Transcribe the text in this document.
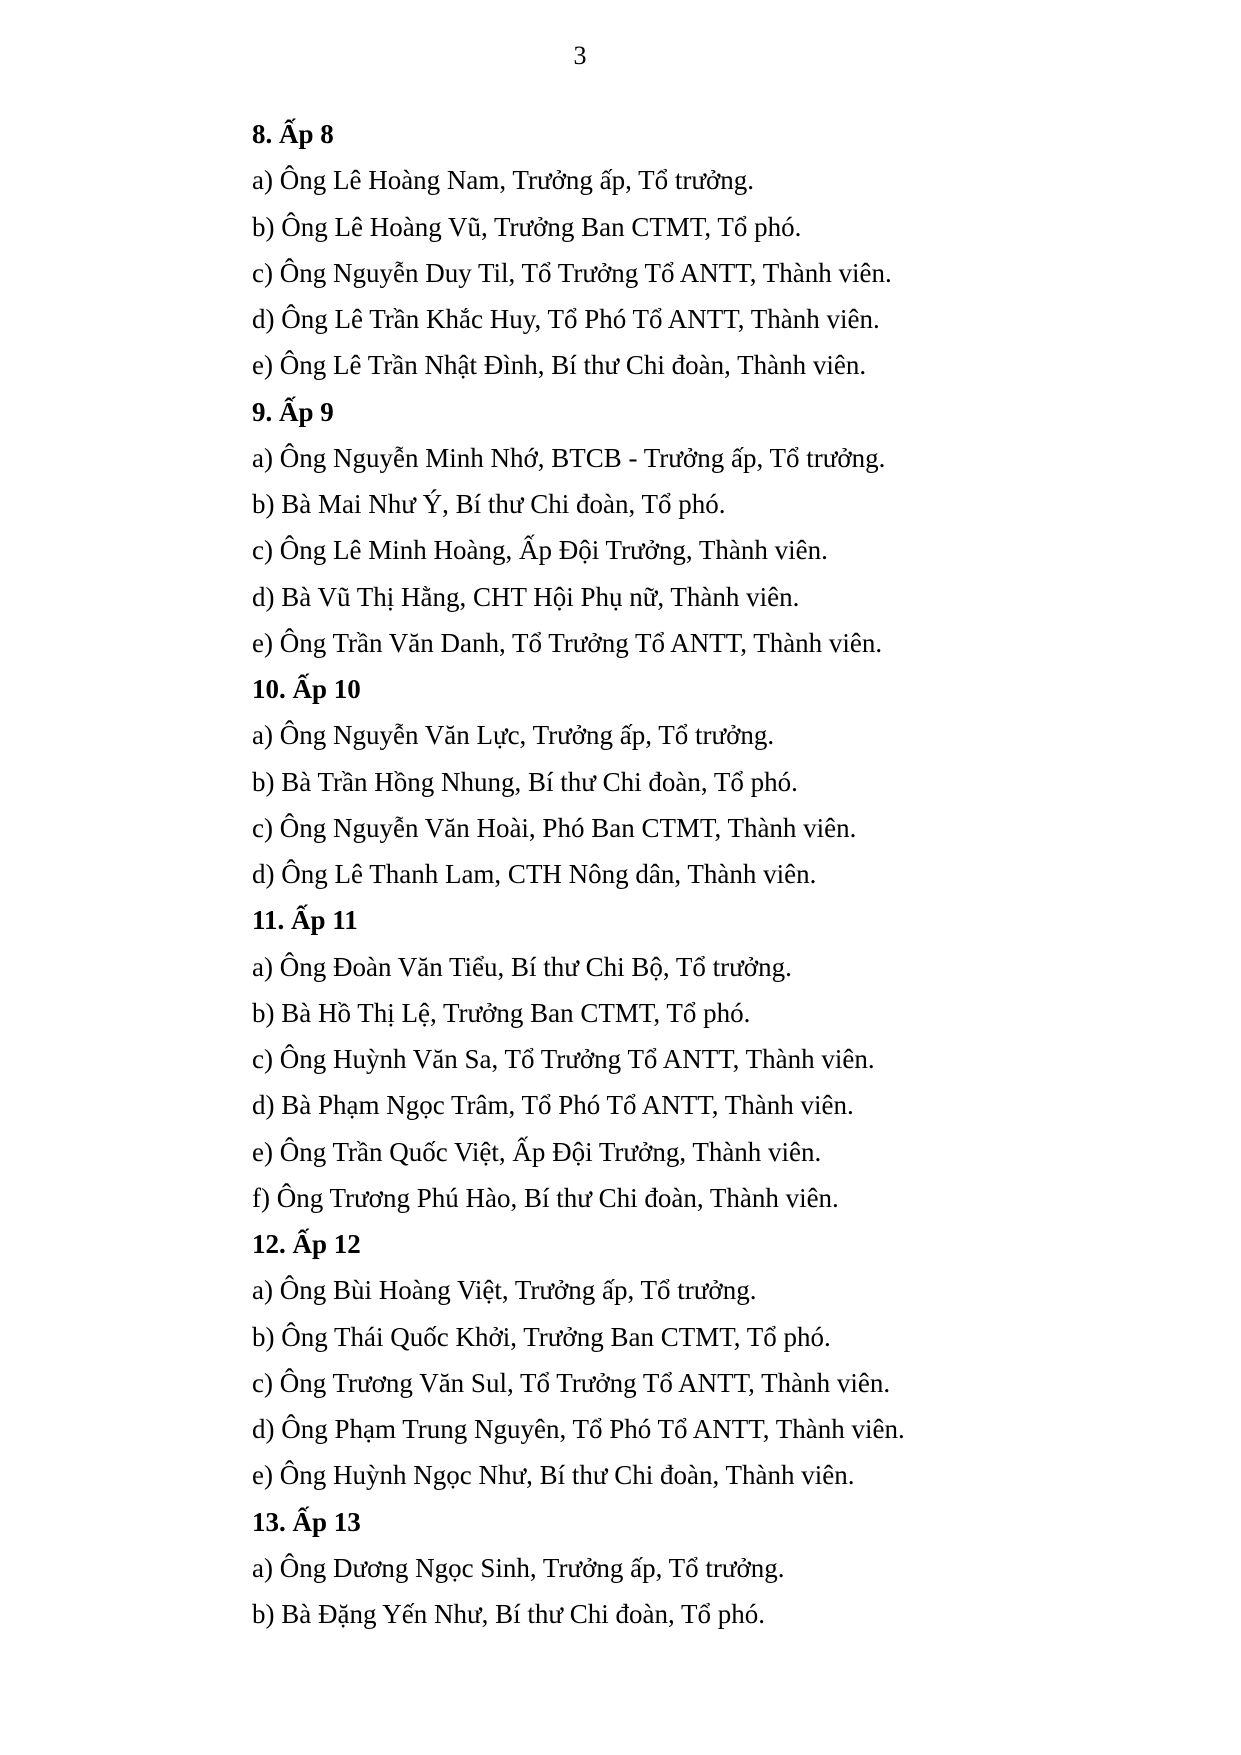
3
8. Ấp 8
a) Ông Lê Hoàng Nam, Trưởng ấp, Tổ trưởng.
b) Ông Lê Hoàng Vũ, Trưởng Ban CTMT, Tổ phó.
c) Ông Nguyễn Duy Til, Tổ Trưởng Tổ ANTT, Thành viên.
d) Ông Lê Trần Khắc Huy, Tổ Phó Tổ ANTT, Thành viên.
e) Ông Lê Trần Nhật Đình, Bí thư Chi đoàn, Thành viên.
9. Ấp 9
a) Ông Nguyễn Minh Nhớ, BTCB - Trưởng ấp, Tổ trưởng.
b) Bà Mai Như Ý, Bí thư Chi đoàn, Tổ phó.
c) Ông Lê Minh Hoàng, Ấp Đội Trưởng, Thành viên.
d) Bà Vũ Thị Hằng, CHT Hội Phụ nữ, Thành viên.
e) Ông Trần Văn Danh, Tổ Trưởng Tổ ANTT, Thành viên.
10. Ấp 10
a) Ông Nguyễn Văn Lực, Trưởng ấp, Tổ trưởng.
b) Bà Trần Hồng Nhung, Bí thư Chi đoàn, Tổ phó.
c) Ông Nguyễn Văn Hoài, Phó Ban CTMT, Thành viên.
d) Ông Lê Thanh Lam, CTH Nông dân, Thành viên.
11. Ấp 11
a) Ông Đoàn Văn Tiểu, Bí thư Chi Bộ, Tổ trưởng.
b) Bà Hồ Thị Lệ, Trưởng Ban CTMT, Tổ phó.
c) Ông Huỳnh Văn Sa, Tổ Trưởng Tổ ANTT, Thành viên.
d) Bà Phạm Ngọc Trâm, Tổ Phó Tổ ANTT, Thành viên.
e) Ông Trần Quốc Việt, Ấp Đội Trưởng, Thành viên.
f) Ông Trương Phú Hào, Bí thư Chi đoàn, Thành viên.
12. Ấp 12
a) Ông Bùi Hoàng Việt, Trưởng ấp, Tổ trưởng.
b) Ông Thái Quốc Khởi, Trưởng Ban CTMT, Tổ phó.
c) Ông Trương Văn Sul, Tổ Trưởng Tổ ANTT, Thành viên.
d) Ông Phạm Trung Nguyên, Tổ Phó Tổ ANTT, Thành viên.
e) Ông Huỳnh Ngọc Như, Bí thư Chi đoàn, Thành viên.
13. Ấp 13
a) Ông Dương Ngọc Sinh, Trưởng ấp, Tổ trưởng.
b) Bà Đặng Yến Như, Bí thư Chi đoàn, Tổ phó.
